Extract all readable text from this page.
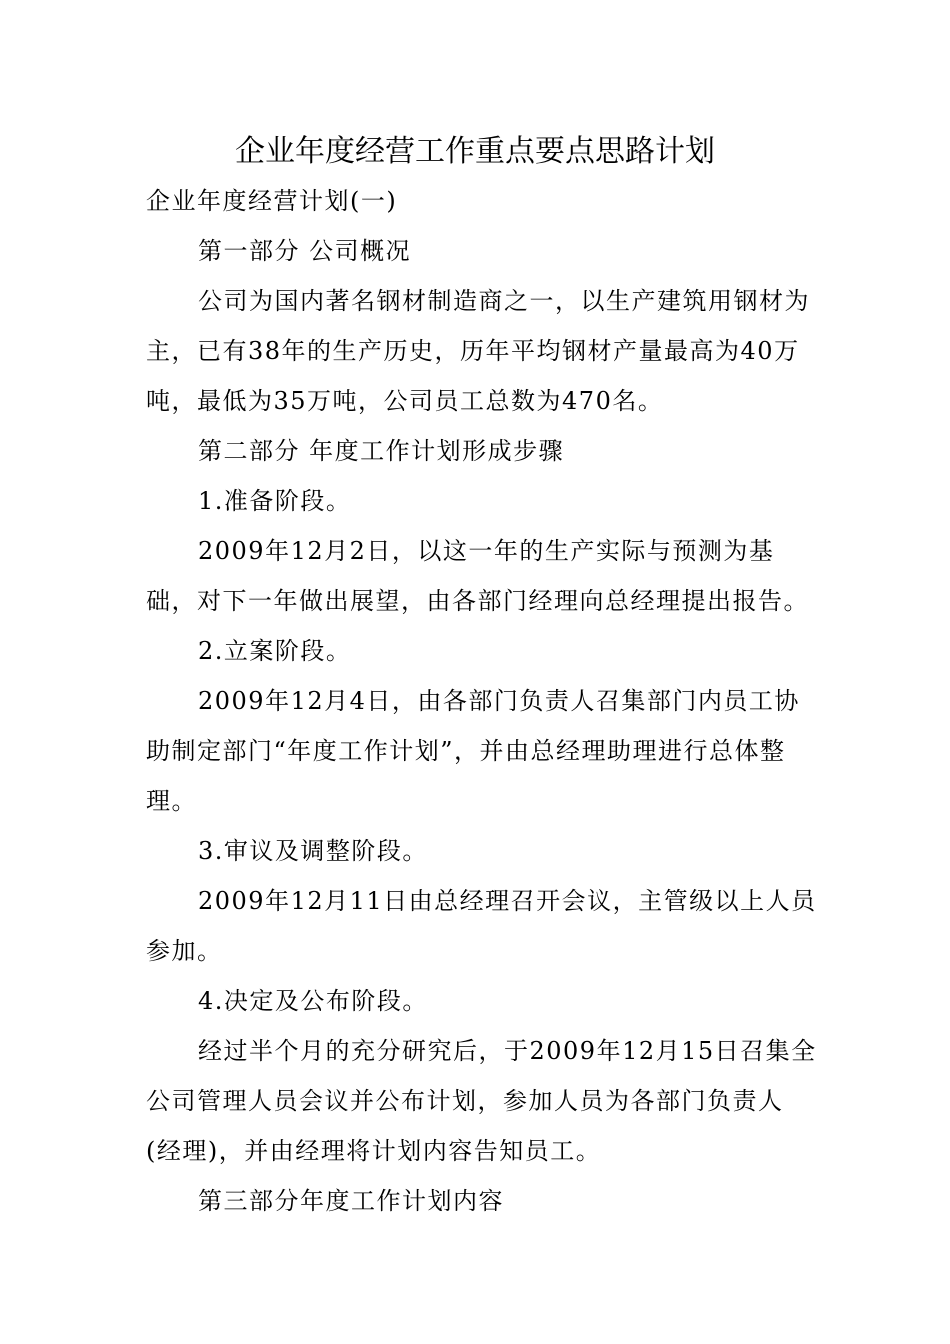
企业年度经营工作重点要点思路计划

企业年度经营计划(一)

第一部分 公司概况

公司为国内著名钢材制造商之一，以生产建筑用钢材为主，已有38年的生产历史，历年平均钢材产量最高为40万吨，最低为35万吨，公司员工总数为470名。

第二部分 年度工作计划形成步骤

1.准备阶段。

2009年12月2日，以这一年的生产实际与预测为基础，对下一年做出展望，由各部门经理向总经理提出报告。

2.立案阶段。

2009年12月4日，由各部门负责人召集部门内员工协助制定部门“年度工作计划”，并由总经理助理进行总体整理。

3.审议及调整阶段。

2009年12月11日由总经理召开会议，主管级以上人员参加。

4.决定及公布阶段。

经过半个月的充分研究后，于2009年12月15日召集全公司管理人员会议并公布计划，参加人员为各部门负责人(经理)，并由经理将计划内容告知员工。

第三部分年度工作计划内容
